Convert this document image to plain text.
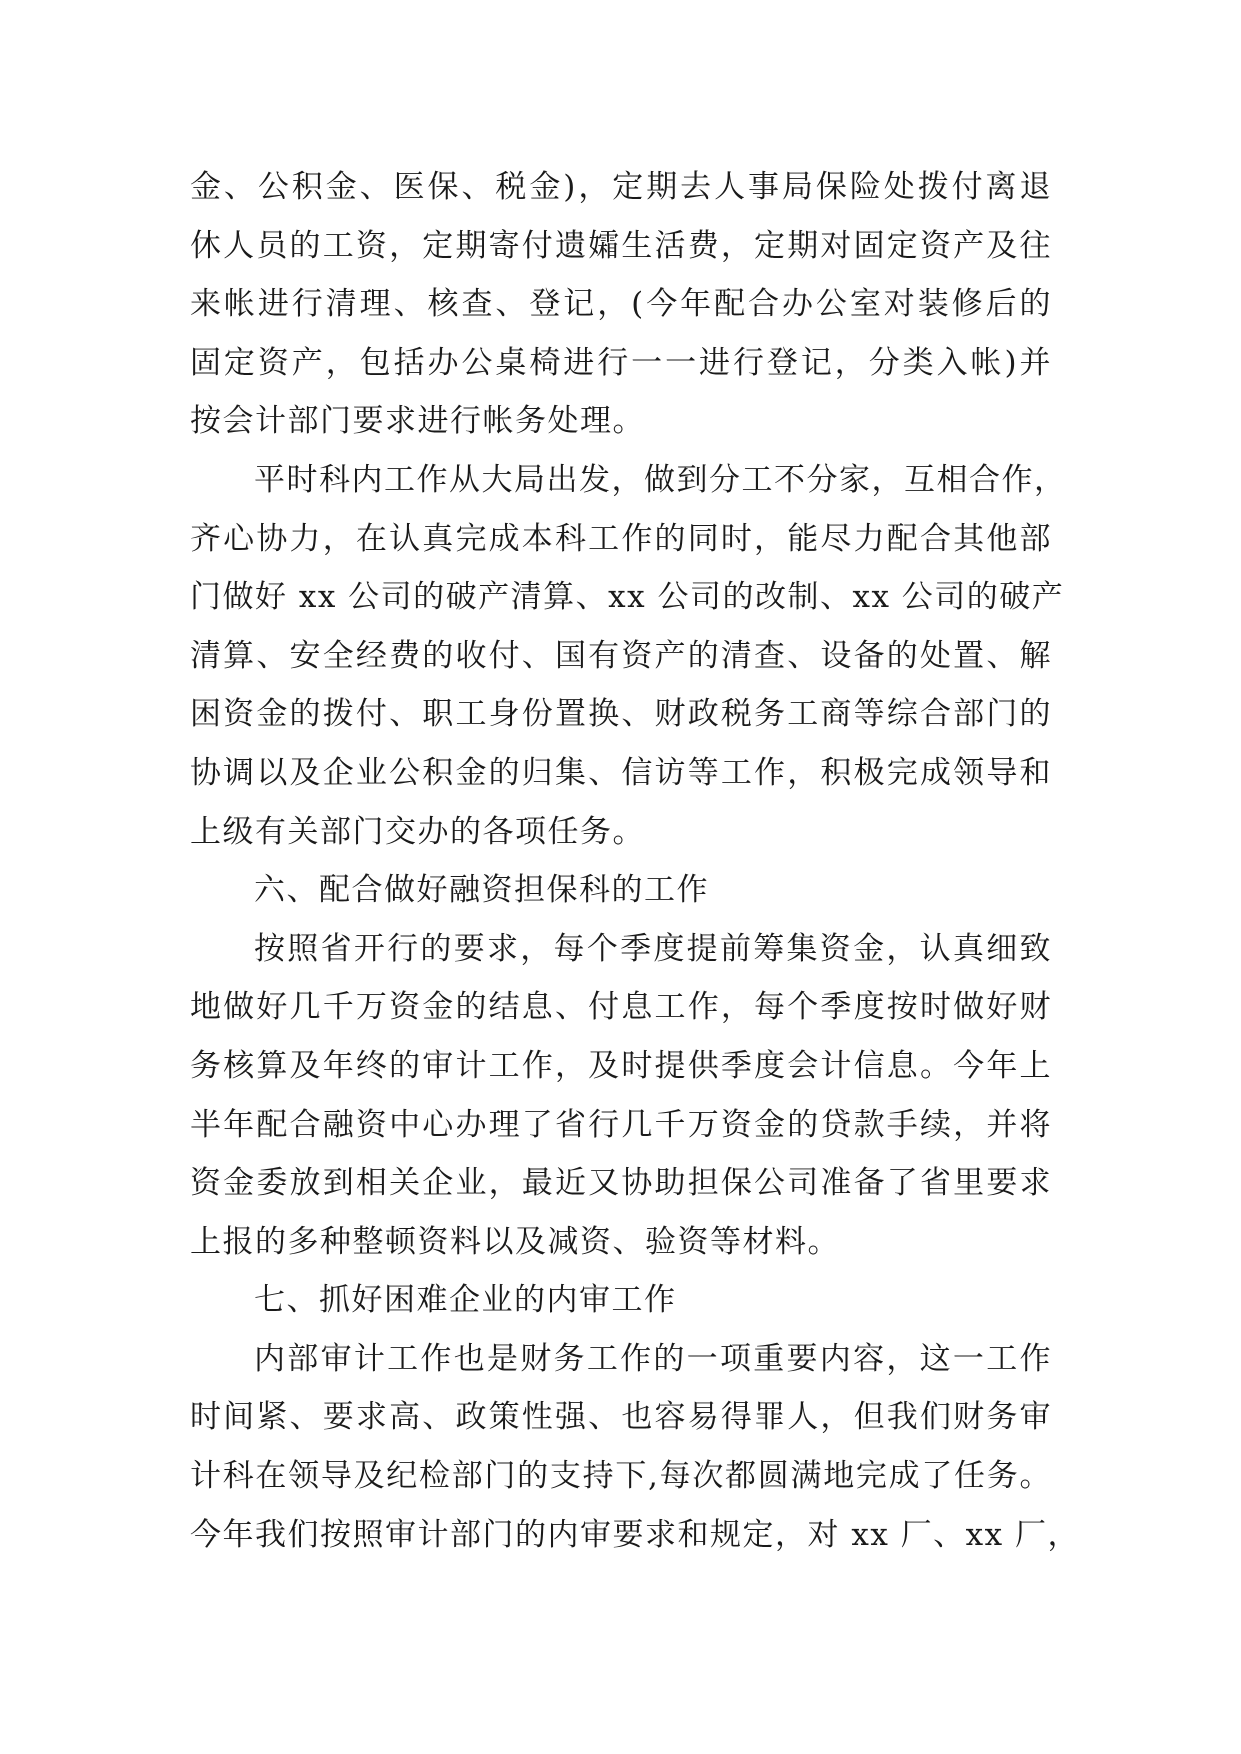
金、公积金、医保、税金)，定期去人事局保险处拨付离退
休人员的工资，定期寄付遗孀生活费，定期对固定资产及往
来帐进行清理、核查、登记，(今年配合办公室对装修后的
固定资产，包括办公桌椅进行一一进行登记，分类入帐)并
按会计部门要求进行帐务处理。

平时科内工作从大局出发，做到分工不分家，互相合作，
齐心协力，在认真完成本科工作的同时，能尽力配合其他部
门做好 xx 公司的破产清算、xx 公司的改制、xx 公司的破产
清算、安全经费的收付、国有资产的清查、设备的处置、解
困资金的拨付、职工身份置换、财政税务工商等综合部门的
协调以及企业公积金的归集、信访等工作，积极完成领导和
上级有关部门交办的各项任务。

六、配合做好融资担保科的工作

按照省开行的要求，每个季度提前筹集资金，认真细致
地做好几千万资金的结息、付息工作，每个季度按时做好财
务核算及年终的审计工作，及时提供季度会计信息。今年上
半年配合融资中心办理了省行几千万资金的贷款手续，并将
资金委放到相关企业，最近又协助担保公司准备了省里要求
上报的多种整顿资料以及减资、验资等材料。

七、抓好困难企业的内审工作

内部审计工作也是财务工作的一项重要内容，这一工作
时间紧、要求高、政策性强、也容易得罪人，但我们财务审
计科在领导及纪检部门的支持下,每次都圆满地完成了任务。
今年我们按照审计部门的内审要求和规定，对 xx 厂、xx 厂，
